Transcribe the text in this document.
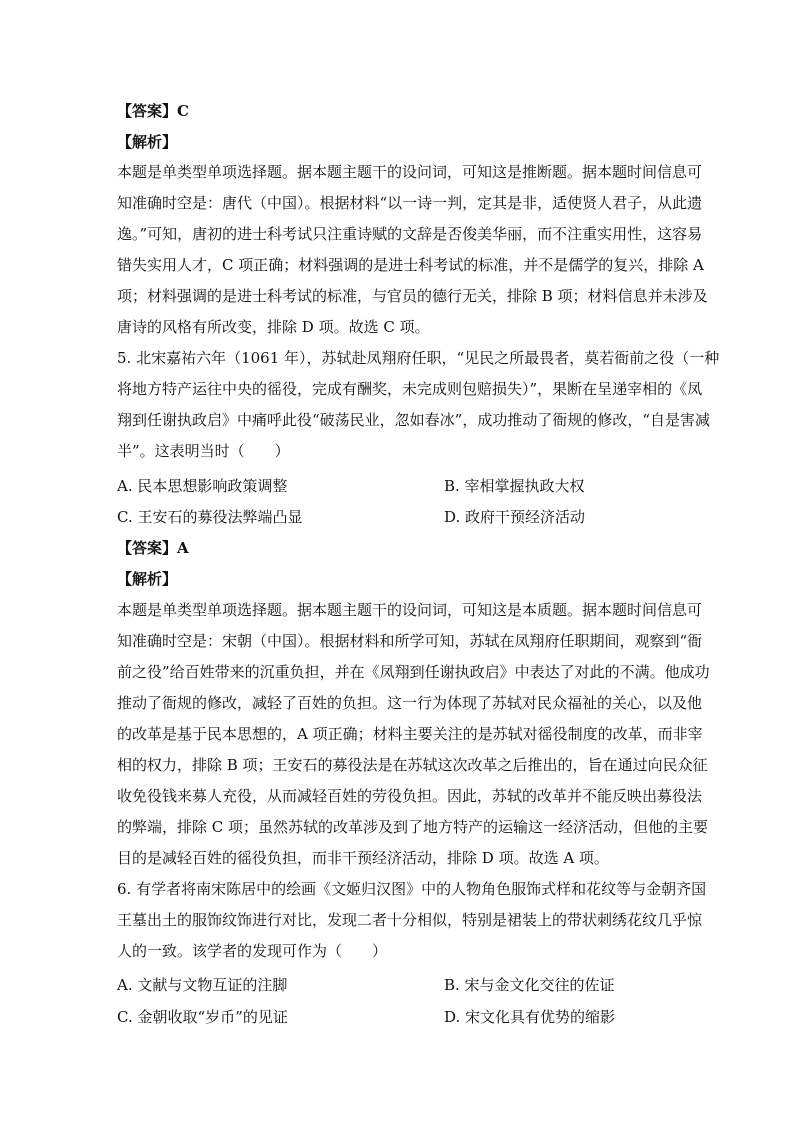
【答案】C
【解析】
本题是单类型单项选择题。据本题主题干的设问词，可知这是推断题。据本题时间信息可
知准确时空是：唐代（中国）。根据材料“以一诗一判，定其是非，适使贤人君子，从此遗
逸。”可知，唐初的进士科考试只注重诗赋的文辞是否俊美华丽，而不注重实用性，这容易
错失实用人才，C 项正确；材料强调的是进士科考试的标准，并不是儒学的复兴，排除 A
项；材料强调的是进士科考试的标准，与官员的德行无关，排除 B 项；材料信息并未涉及
唐诗的风格有所改变，排除 D 项。故选 C 项。
5. 北宋嘉祐六年（1061 年），苏轼赴凤翔府任职，“见民之所最畏者，莫若衙前之役（一种
将地方特产运往中央的徭役，完成有酬奖，未完成则包赔损失）”，果断在呈递宰相的《凤
翔到任谢执政启》中痛呼此役“破荡民业，忽如春冰”，成功推动了衙规的修改，“自是害减
半”。这表明当时（　　）
A. 民本思想影响政策调整	B. 宰相掌握执政大权
C. 王安石的募役法弊端凸显	D. 政府干预经济活动
【答案】A
【解析】
本题是单类型单项选择题。据本题主题干的设问词，可知这是本质题。据本题时间信息可
知准确时空是：宋朝（中国）。根据材料和所学可知，苏轼在凤翔府任职期间，观察到“衙
前之役”给百姓带来的沉重负担，并在《凤翔到任谢执政启》中表达了对此的不满。他成功
推动了衙规的修改，减轻了百姓的负担。这一行为体现了苏轼对民众福祉的关心，以及他
的改革是基于民本思想的，A 项正确；材料主要关注的是苏轼对徭役制度的改革，而非宰
相的权力，排除 B 项；王安石的募役法是在苏轼这次改革之后推出的，旨在通过向民众征
收免役钱来募人充役，从而减轻百姓的劳役负担。因此，苏轼的改革并不能反映出募役法
的弊端，排除 C 项；虽然苏轼的改革涉及到了地方特产的运输这一经济活动，但他的主要
目的是减轻百姓的徭役负担，而非干预经济活动，排除 D 项。故选 A 项。
6. 有学者将南宋陈居中的绘画《文姬归汉图》中的人物角色服饰式样和花纹等与金朝齐国
王墓出土的服饰纹饰进行对比，发现二者十分相似，特别是裙装上的带状刺绣花纹几乎惊
人的一致。该学者的发现可作为（　　）
A. 文献与文物互证的注脚	B. 宋与金文化交往的佐证
C. 金朝收取“岁币”的见证	D. 宋文化具有优势的缩影
